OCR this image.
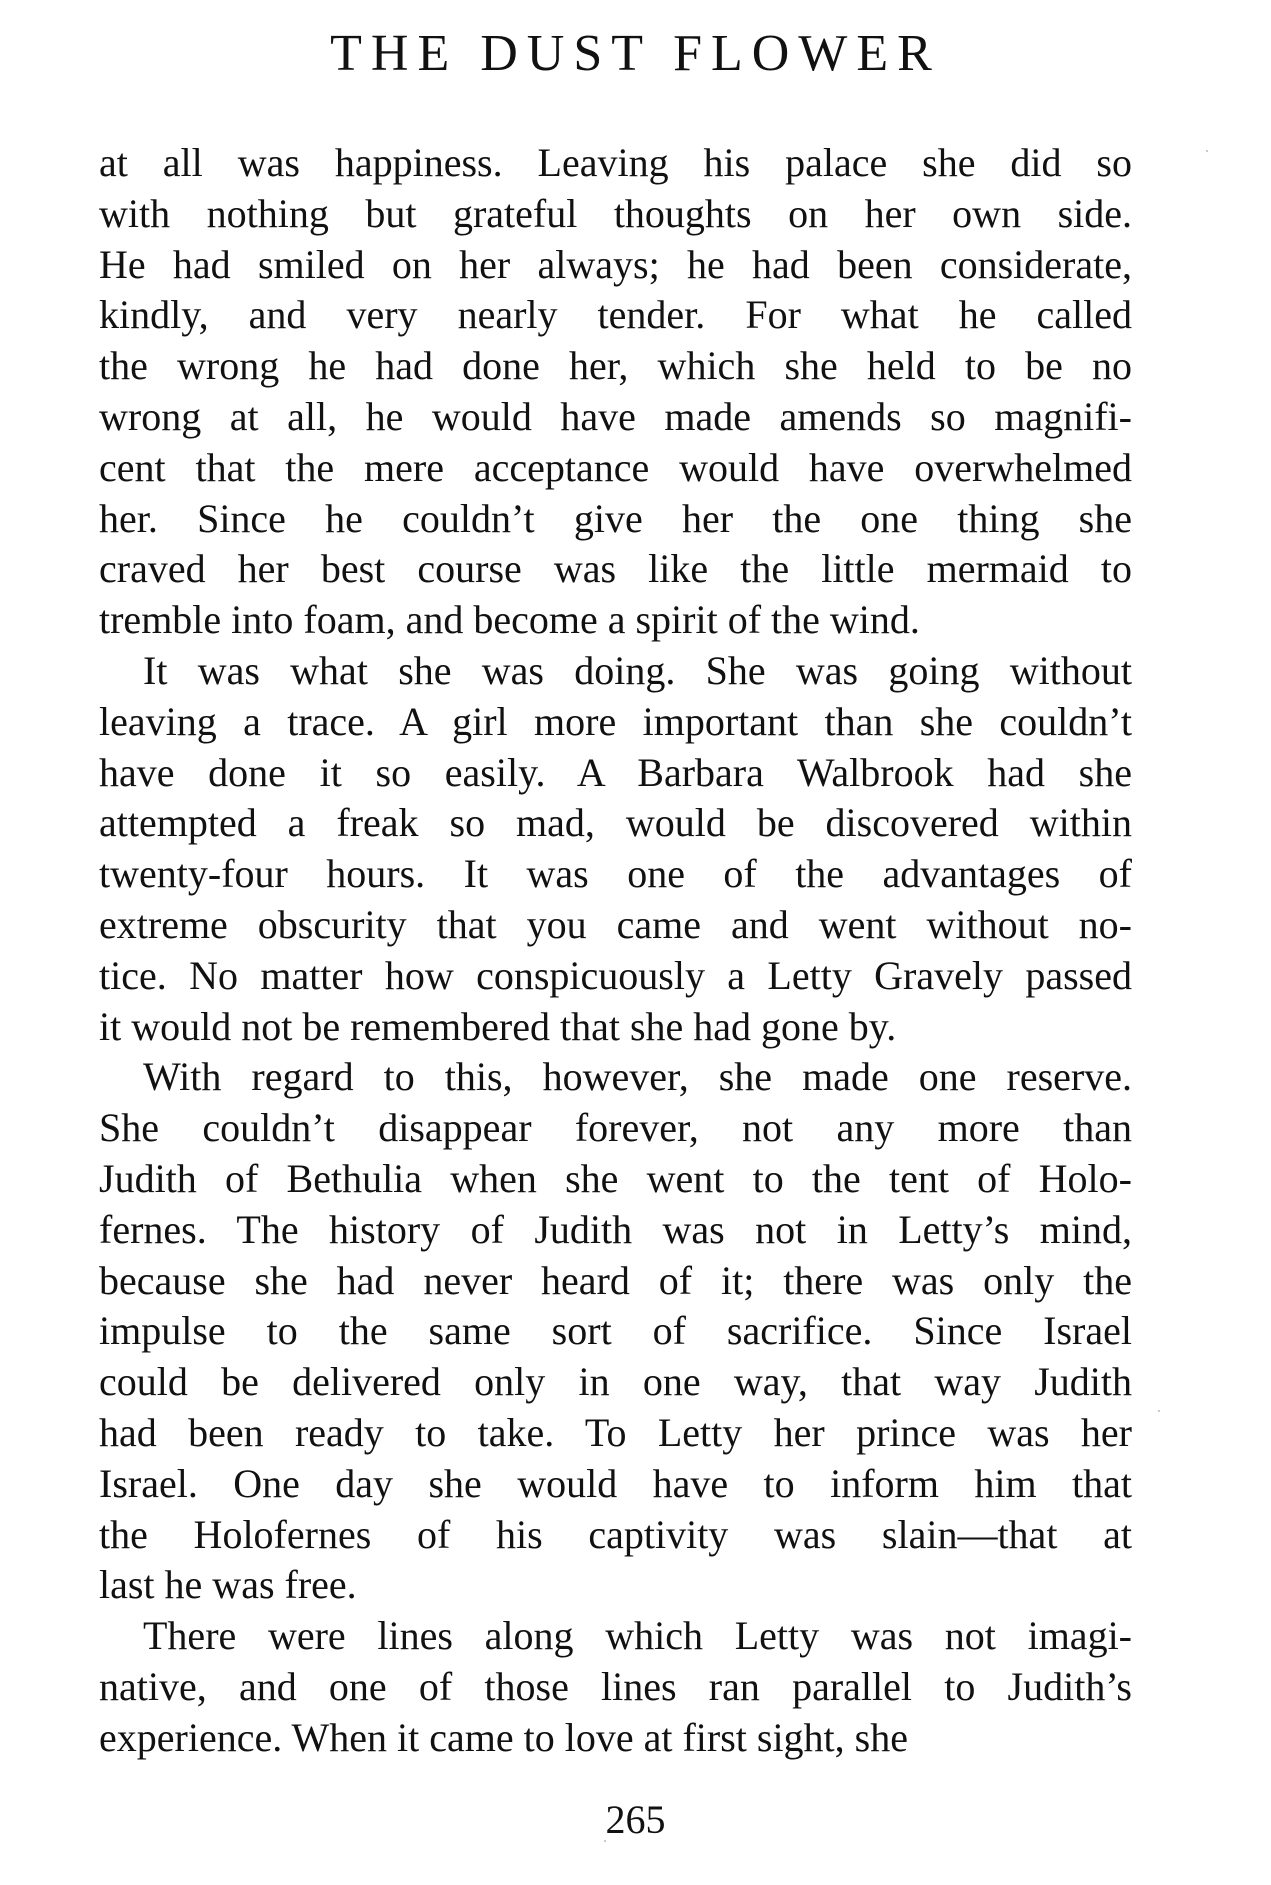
THE DUST FLOWER
at all was happiness. Leaving his palace she did so
with nothing but grateful thoughts on her own side.
He had smiled on her always; he had been considerate,
kindly, and very nearly tender. For what he called
the wrong he had done her, which she held to be no
wrong at all, he would have made amends so magnifi-
cent that the mere acceptance would have overwhelmed
her. Since he couldn’t give her the one thing she
craved her best course was like the little mermaid to
tremble into foam, and become a spirit of the wind.
It was what she was doing. She was going without
leaving a trace. A girl more important than she couldn’t
have done it so easily. A Barbara Walbrook had she
attempted a freak so mad, would be discovered within
twenty-four hours. It was one of the advantages of
extreme obscurity that you came and went without no-
tice. No matter how conspicuously a Letty Gravely passed
it would not be remembered that she had gone by.
With regard to this, however, she made one reserve.
She couldn’t disappear forever, not any more than
Judith of Bethulia when she went to the tent of Holo-
fernes. The history of Judith was not in Letty’s mind,
because she had never heard of it; there was only the
impulse to the same sort of sacrifice. Since Israel
could be delivered only in one way, that way Judith
had been ready to take. To Letty her prince was her
Israel. One day she would have to inform him that
the Holofernes of his captivity was slain—that at
last he was free.
There were lines along which Letty was not imagi-
native, and one of those lines ran parallel to Judith’s
experience. When it came to love at first sight, she
265
